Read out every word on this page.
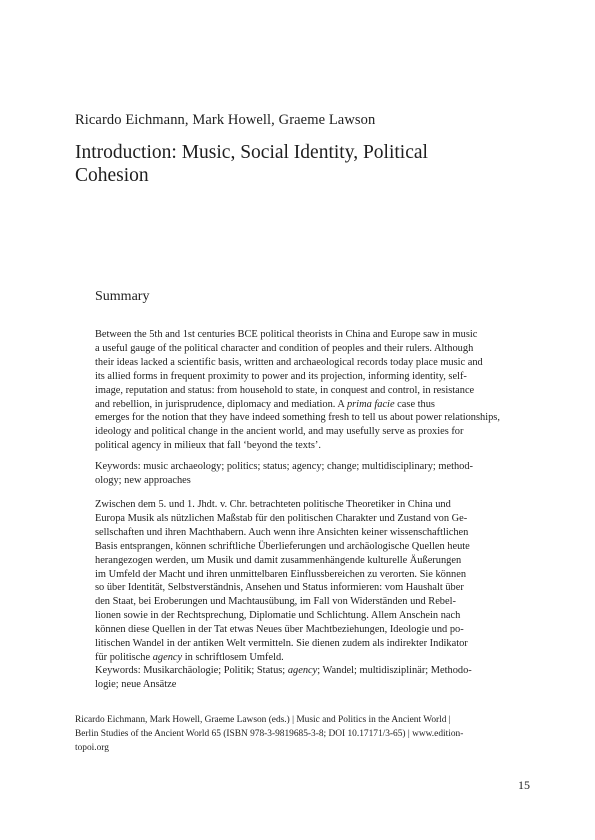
Ricardo Eichmann, Mark Howell, Graeme Lawson
Introduction: Music, Social Identity, Political Cohesion
Summary

Between the 5th and 1st centuries BCE political theorists in China and Europe saw in music

a useful gauge of the political character and condition of peoples and their rulers. Although

their ideas lacked a scientific basis, written and archaeological records today place music and

its allied forms in frequent proximity to power and its projection, informing identity, self-

image, reputation and status: from household to state, in conquest and control, in resistance

and rebellion, in jurisprudence, diplomacy and mediation. A prima facie case thus

emerges for the notion that they have indeed something fresh to tell us about power relationships,

ideology and political change in the ancient world, and may usefully serve as proxies for

political agency in milieux that fall ‘beyond the texts’.

Keywords: music archaeology; politics; status; agency; change; multidisciplinary; method-

ology; new approaches

Zwischen dem 5. und 1. Jhdt. v. Chr. betrachteten politische Theoretiker in China und

Europa Musik als nützlichen Maßstab für den politischen Charakter und Zustand von Ge-

sellschaften und ihren Machthabern. Auch wenn ihre Ansichten keiner wissenschaftlichen

Basis entsprangen, können schriftliche Überlieferungen und archäologische Quellen heute

herangezogen werden, um Musik und damit zusammenhängende kulturelle Äußerungen

im Umfeld der Macht und ihren unmittelbaren Einflussbereichen zu verorten. Sie können

so über Identität, Selbstverständnis, Ansehen und Status informieren: vom Haushalt über

den Staat, bei Eroberungen und Machtausübung, im Fall von Widerständen und Rebel-

lionen sowie in der Rechtsprechung, Diplomatie und Schlichtung. Allem Anschein nach

können diese Quellen in der Tat etwas Neues über Machtbeziehungen, Ideologie und po-

litischen Wandel in der antiken Welt vermitteln. Sie dienen zudem als indirekter Indikator

für politische agency in schriftlosem Umfeld.

Keywords: Musikarchäologie; Politik; Status; agency; Wandel; multidisziplinär; Methodo-

logie; neue Ansätze

Ricardo Eichmann, Mark Howell, Graeme Lawson (eds.) | Music and Politics in the Ancient World |
Berlin Studies of the Ancient World 65 (ISBN 978-3-9819685-3-8; DOI 10.17171/3-65) | www.edition-
topoi.org
15
